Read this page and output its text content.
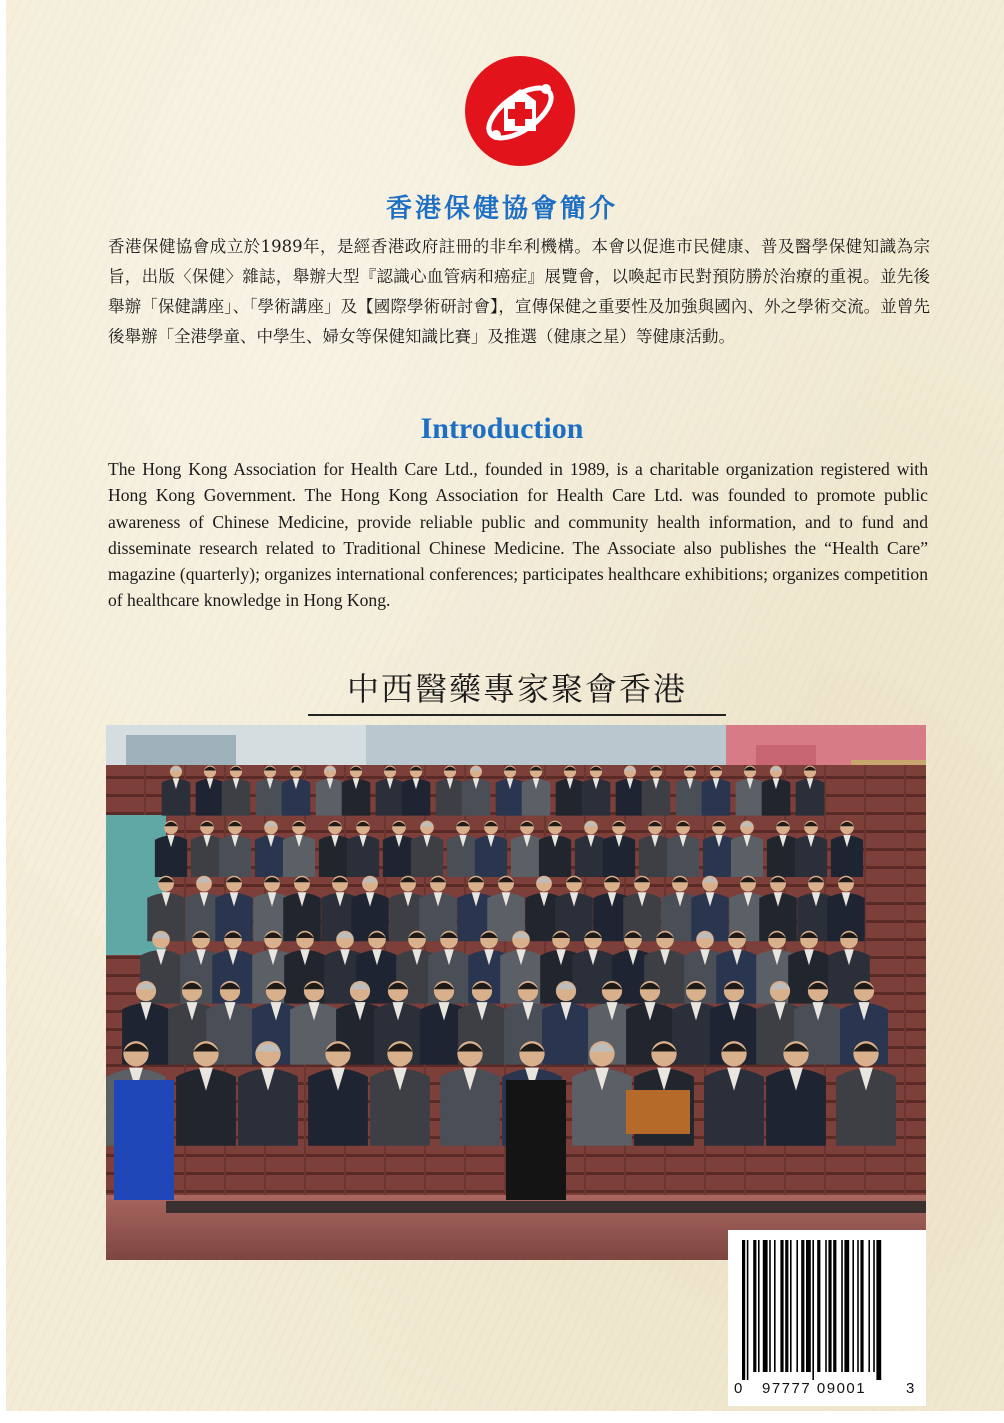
香港保健協會簡介

香港保健協會成立於1989年，是經香港政府註冊的非牟利機構。本會以促進市民健康、普及醫學保健知識為宗旨，出版〈保健〉雜誌，舉辦大型『認識心血管病和癌症』展覽會，以喚起市民對預防勝於治療的重視。並先後舉辦「保健講座」、「學術講座」及【國際學術研討會】，宣傳保健之重要性及加強與國內、外之學術交流。並曾先後舉辦「全港學童、中學生、婦女等保健知識比賽」及推選（健康之星）等健康活動。

Introduction

The Hong Kong Association for Health Care Ltd., founded in 1989, is a charitable organization registered with Hong Kong Government. The Hong Kong Association for Health Care Ltd. was founded to promote public awareness of Chinese Medicine, provide reliable public and community health information, and to fund and disseminate research related to Traditional Chinese Medicine. The Associate also publishes the “Health Care” magazine (quarterly); organizes international conferences; participates healthcare exhibitions; organizes competition of healthcare knowledge in Hong Kong.

中西醫藥專家聚會香港
0 97777 09001	3
